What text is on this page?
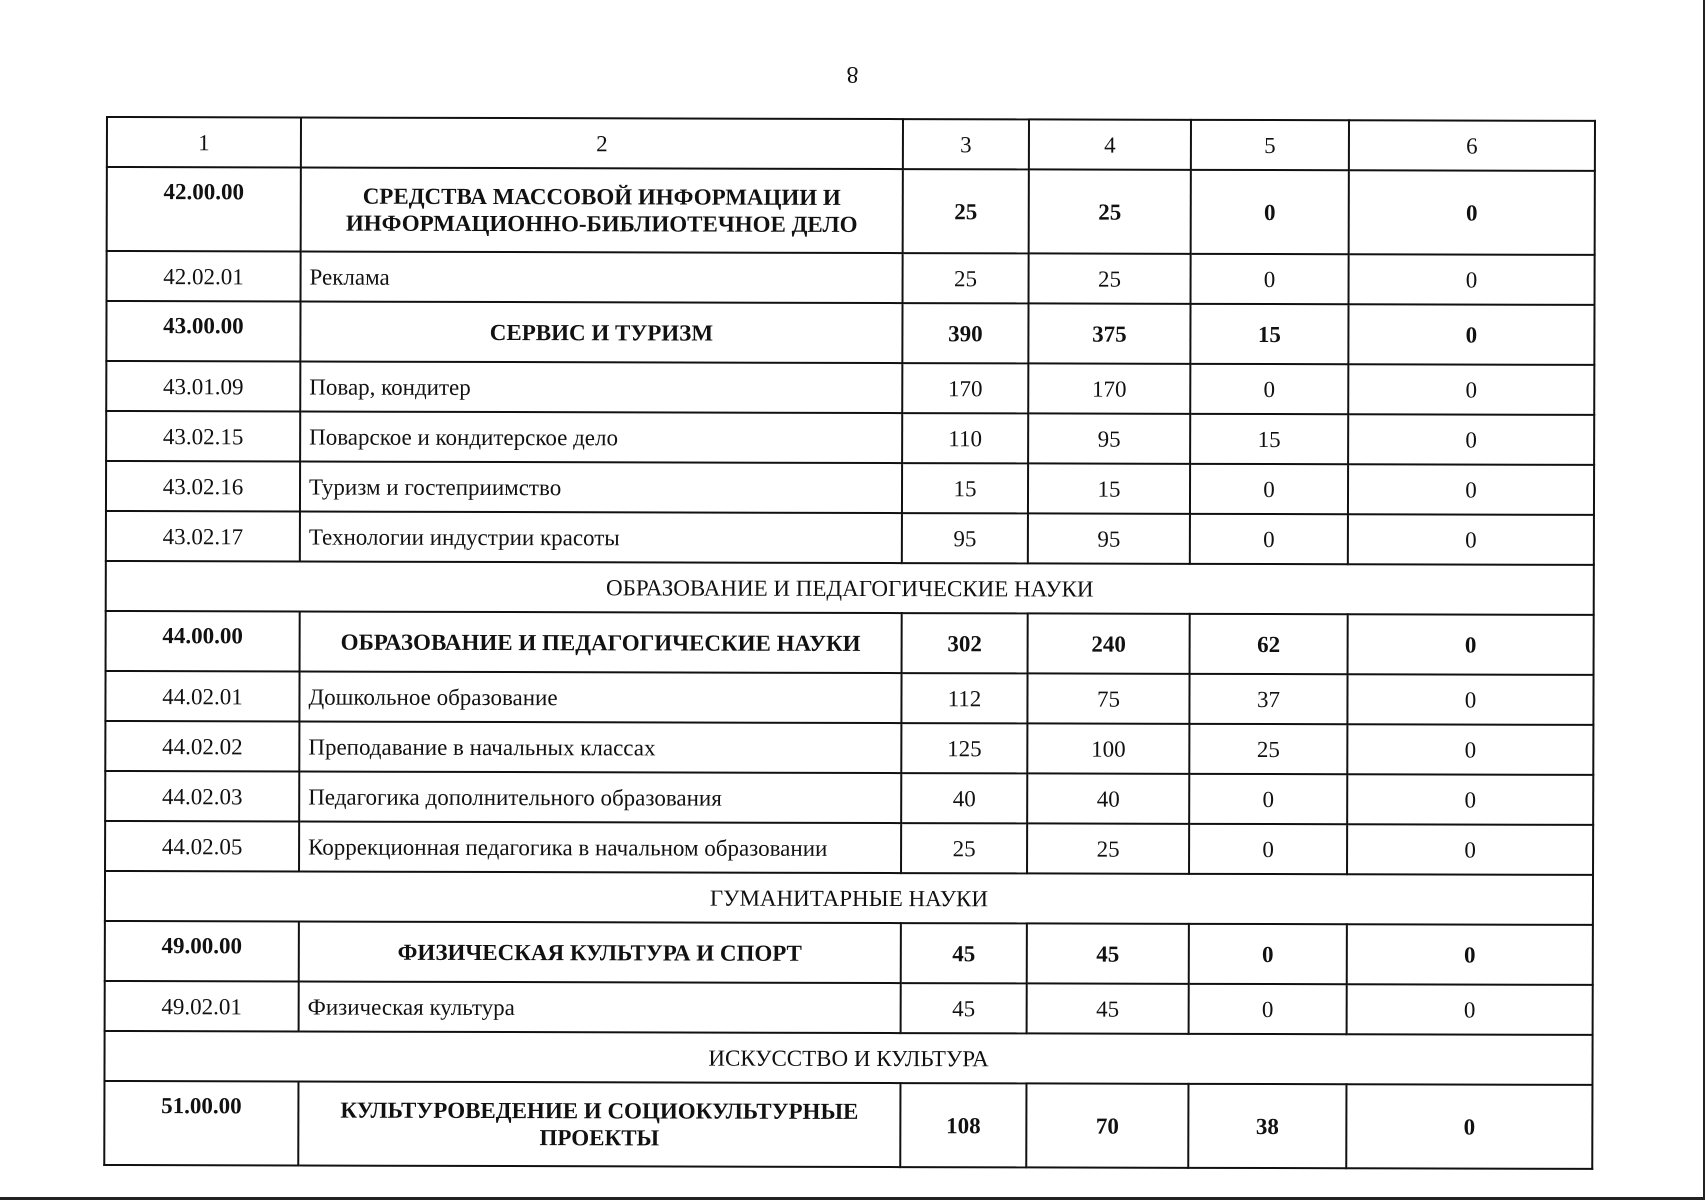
8
1	2	3	4	5	6
42.00.00	СРЕДСТВА МАССОВОЙ ИНФОРМАЦИИ И ИНФОРМАЦИОННО-БИБЛИОТЕЧНОЕ ДЕЛО	25	25	0	0
42.02.01	Реклама	25	25	0	0
43.00.00	СЕРВИС И ТУРИЗМ	390	375	15	0
43.01.09	Повар, кондитер	170	170	0	0
43.02.15	Поварское и кондитерское дело	110	95	15	0
43.02.16	Туризм и гостеприимство	15	15	0	0
43.02.17	Технологии индустрии красоты	95	95	0	0
ОБРАЗОВАНИЕ И ПЕДАГОГИЧЕСКИЕ НАУКИ					
44.00.00	ОБРАЗОВАНИЕ И ПЕДАГОГИЧЕСКИЕ НАУКИ	302	240	62	0
44.02.01	Дошкольное образование	112	75	37	0
44.02.02	Преподавание в начальных классах	125	100	25	0
44.02.03	Педагогика дополнительного образования	40	40	0	0
44.02.05	Коррекционная педагогика в начальном образовании	25	25	0	0
ГУМАНИТАРНЫЕ НАУКИ					
49.00.00	ФИЗИЧЕСКАЯ КУЛЬТУРА И СПОРТ	45	45	0	0
49.02.01	Физическая культура	45	45	0	0
ИСКУССТВО И КУЛЬТУРА					
51.00.00	КУЛЬТУРОВЕДЕНИЕ И СОЦИОКУЛЬТУРНЫЕ ПРОЕКТЫ	108	70	38	0
